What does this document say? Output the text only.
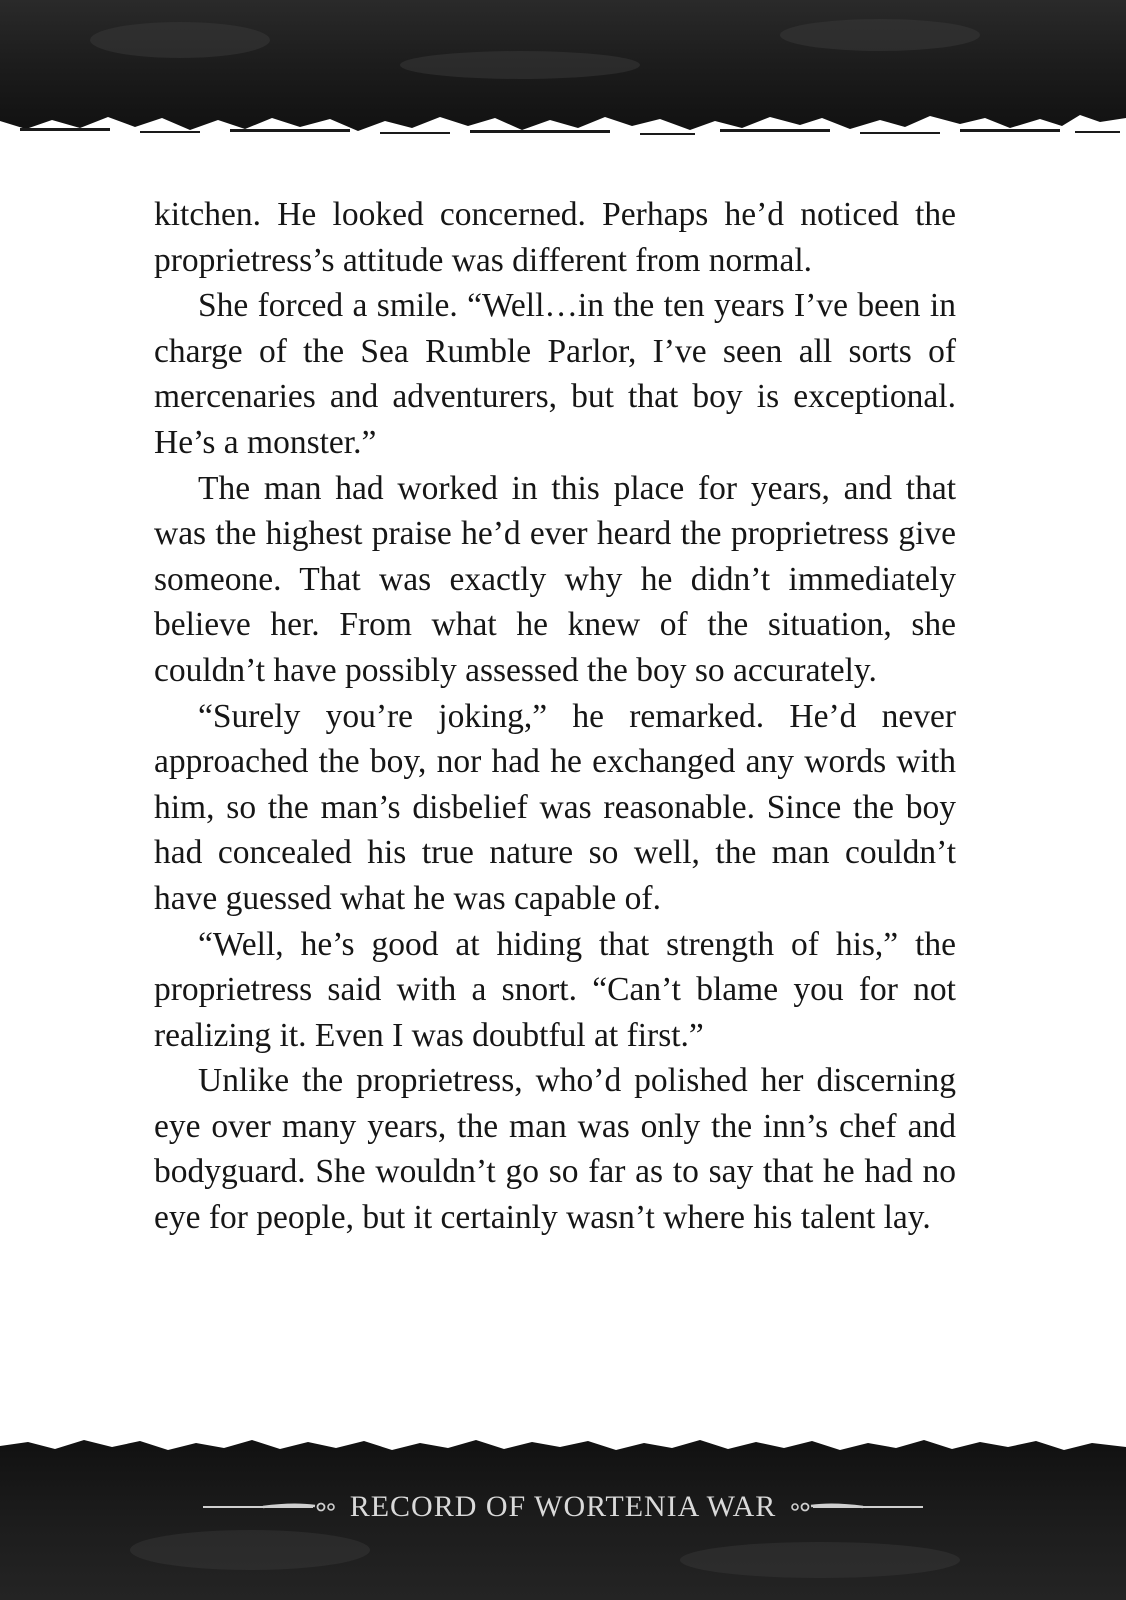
kitchen. He looked concerned. Perhaps he’d noticed the proprietress’s attitude was different from normal.

She forced a smile. “Well…in the ten years I’ve been in charge of the Sea Rumble Parlor, I’ve seen all sorts of mercenaries and adventurers, but that boy is exceptional. He’s a monster.”

The man had worked in this place for years, and that was the highest praise he’d ever heard the proprietress give someone. That was exactly why he didn’t immediately believe her. From what he knew of the situation, she couldn’t have possibly assessed the boy so accurately.

“Surely you’re joking,” he remarked. He’d never approached the boy, nor had he exchanged any words with him, so the man’s disbelief was reasonable. Since the boy had concealed his true nature so well, the man couldn’t have guessed what he was capable of.

“Well, he’s good at hiding that strength of his,” the proprietress said with a snort. “Can’t blame you for not realizing it. Even I was doubtful at first.”

Unlike the proprietress, who’d polished her discerning eye over many years, the man was only the inn’s chef and bodyguard. She wouldn’t go so far as to say that he had no eye for people, but it certainly wasn’t where his talent lay.

RECORD OF WORTENIA WAR
